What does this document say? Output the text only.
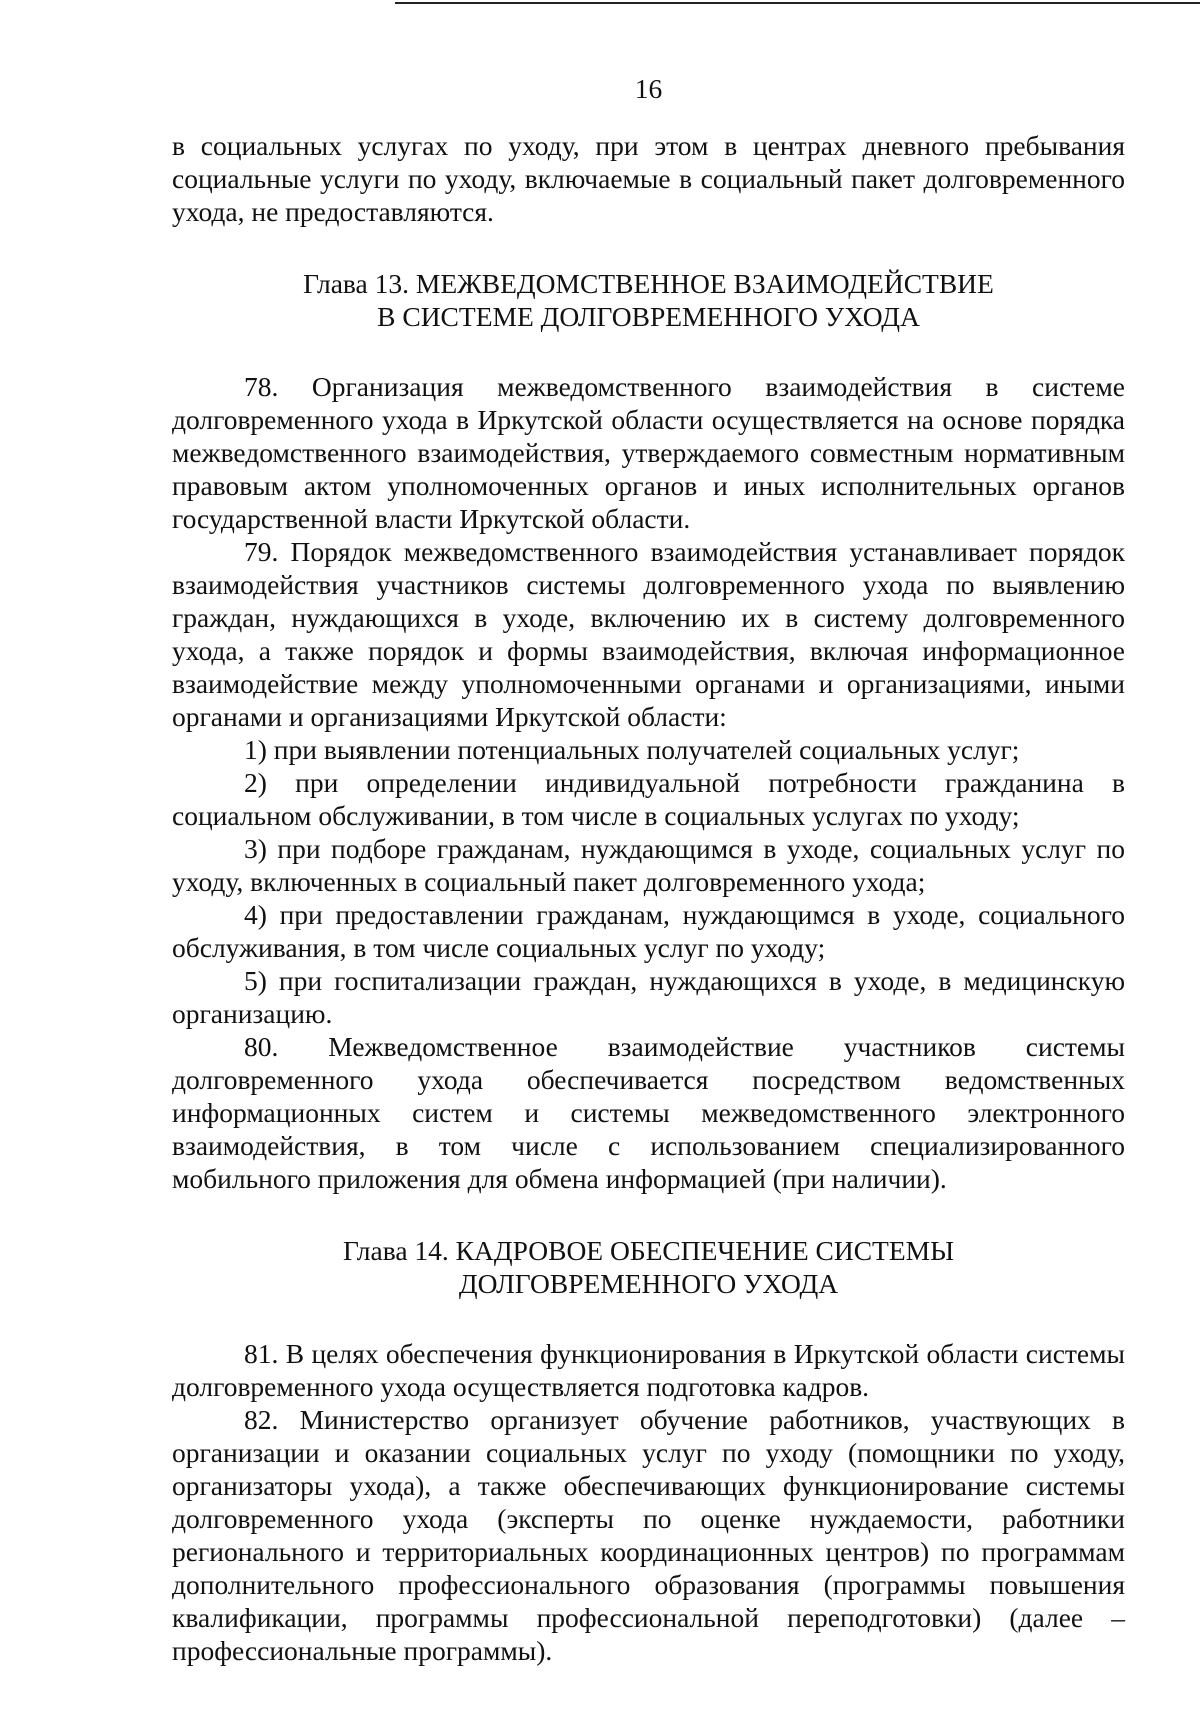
16

в социальных услугах по уходу, при этом в центрах дневного пребывания социальные услуги по уходу, включаемые в социальный пакет долговременного ухода, не предоставляются.

Глава 13. МЕЖВЕДОМСТВЕННОЕ ВЗАИМОДЕЙСТВИЕ
В СИСТЕМЕ ДОЛГОВРЕМЕННОГО УХОДА

78. Организация межведомственного взаимодействия в системе долговременного ухода в Иркутской области осуществляется на основе порядка межведомственного взаимодействия, утверждаемого совместным нормативным правовым актом уполномоченных органов и иных исполнительных органов государственной власти Иркутской области.

79. Порядок межведомственного взаимодействия устанавливает порядок взаимодействия участников системы долговременного ухода по выявлению граждан, нуждающихся в уходе, включению их в систему долговременного ухода, а также порядок и формы взаимодействия, включая информационное взаимодействие между уполномоченными органами и организациями, иными органами и организациями Иркутской области:

1) при выявлении потенциальных получателей социальных услуг;

2) при определении индивидуальной потребности гражданина в социальном обслуживании, в том числе в социальных услугах по уходу;

3) при подборе гражданам, нуждающимся в уходе, социальных услуг по уходу, включенных в социальный пакет долговременного ухода;

4) при предоставлении гражданам, нуждающимся в уходе, социального обслуживания, в том числе социальных услуг по уходу;

5) при госпитализации граждан, нуждающихся в уходе, в медицинскую организацию.

80. Межведомственное взаимодействие участников системы долговременного ухода обеспечивается посредством ведомственных информационных систем и системы межведомственного электронного взаимодействия, в том числе с использованием специализированного мобильного приложения для обмена информацией (при наличии).

Глава 14. КАДРОВОЕ ОБЕСПЕЧЕНИЕ СИСТЕМЫ
ДОЛГОВРЕМЕННОГО УХОДА

81. В целях обеспечения функционирования в Иркутской области системы долговременного ухода осуществляется подготовка кадров.

82. Министерство организует обучение работников, участвующих в организации и оказании социальных услуг по уходу (помощники по уходу, организаторы ухода), а также обеспечивающих функционирование системы долговременного ухода (эксперты по оценке нуждаемости, работники регионального и территориальных координационных центров) по программам дополнительного профессионального образования (программы повышения квалификации, программы профессиональной переподготовки) (далее – профессиональные программы).
